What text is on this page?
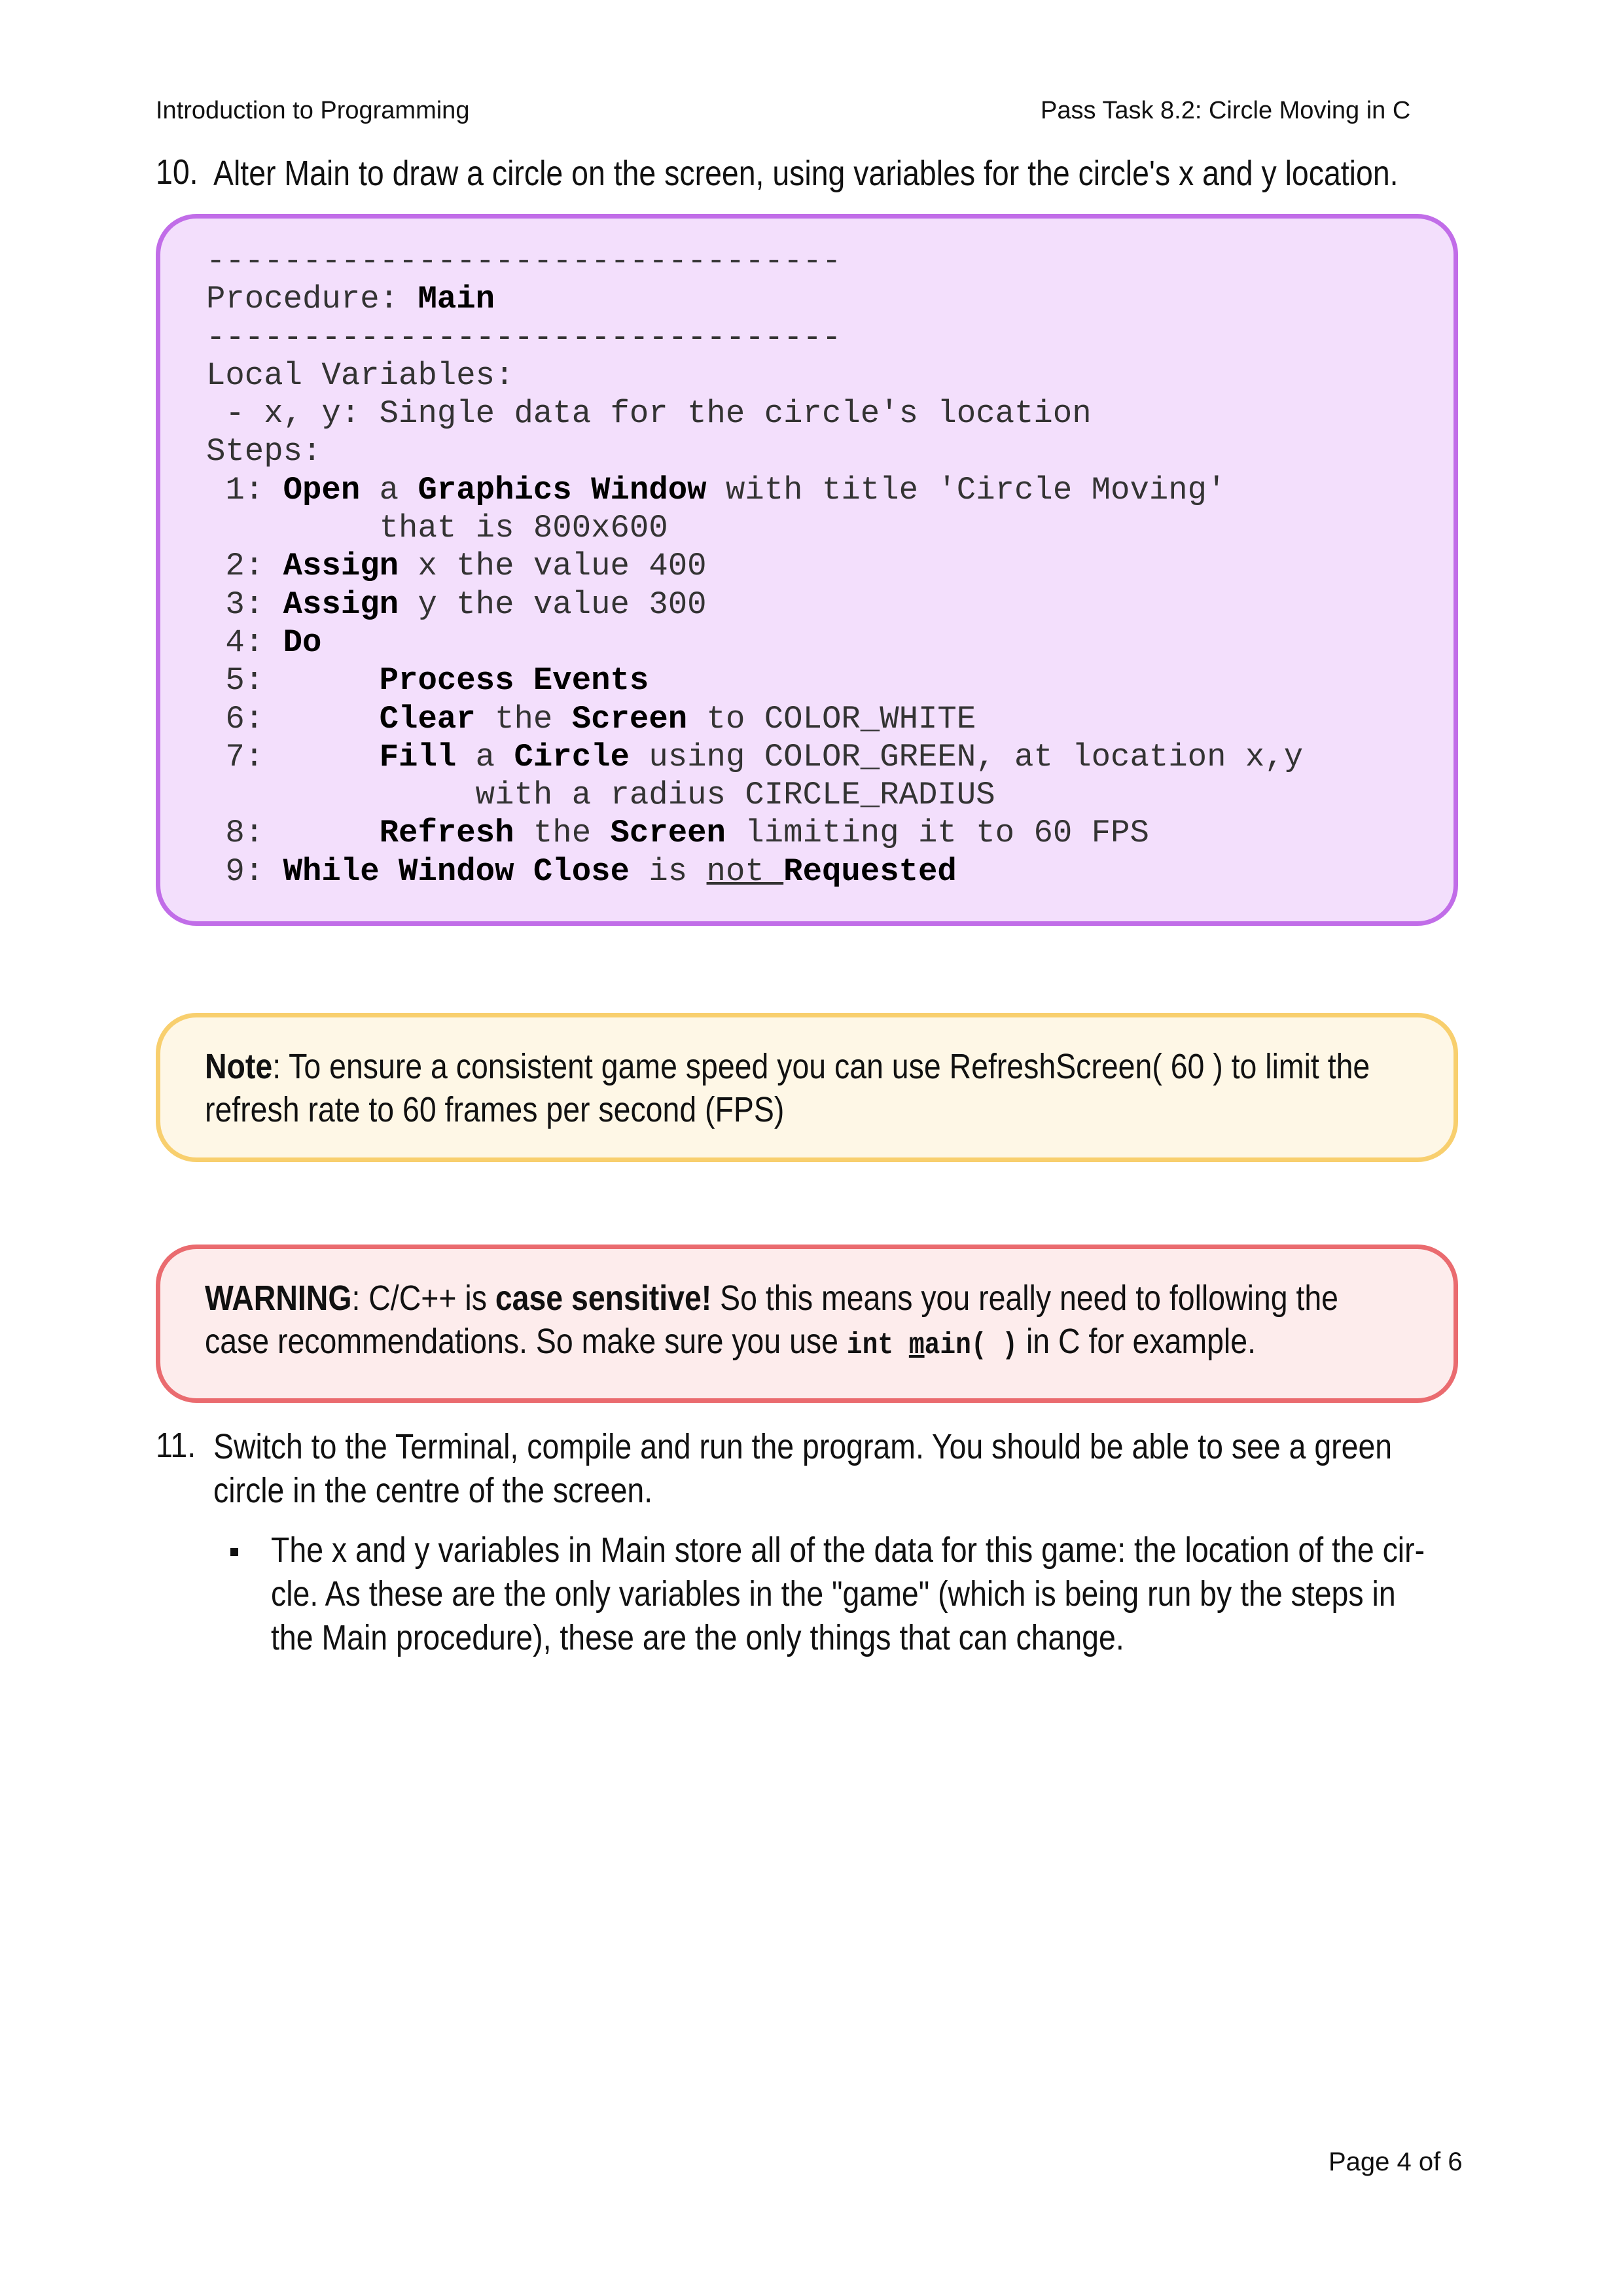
Introduction to Programming	Pass Task 8.2: Circle Moving in C
10. Alter Main to draw a circle on the screen, using variables for the circle's x and y location.
---------------------------------
Procedure: Main
---------------------------------
Local Variables:
- x, y: Single data for the circle's location
Steps:
1: Open a Graphics Window with title 'Circle Moving'
that is 800x600
2: Assign x the value 400
3: Assign y the value 300
4: Do
5:      Process Events
6:      Clear the Screen to COLOR_WHITE
7:      Fill a Circle using COLOR_GREEN, at location x,y
with a radius CIRCLE_RADIUS
8:      Refresh the Screen limiting it to 60 FPS
9: While Window Close is not Requested
Note: To ensure a consistent game speed you can use RefreshScreen( 60 ) to limit the
refresh rate to 60 frames per second (FPS)
WARNING: C/C++ is case sensitive! So this means you really need to following the
case recommendations. So make sure you use int main( ) in C for example.
11. Switch to the Terminal, compile and run the program. You should be able to see a green
circle in the centre of the screen.
The x and y variables in Main store all of the data for this game: the location of the cir-
cle. As these are the only variables in the "game" (which is being run by the steps in
the Main procedure), these are the only things that can change.
Page 4 of 6
